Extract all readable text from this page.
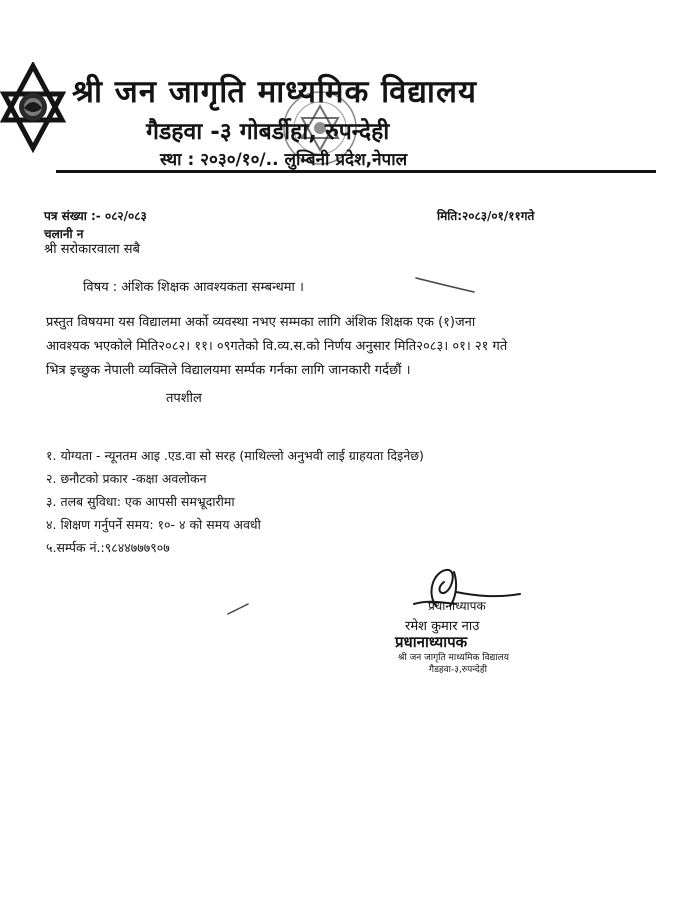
श्री जन जागृति माध्यमिक विद्यालय
गैडहवा -३ गोबर्डीहा, रुपन्देही
स्था : २०३०/१०/.. लुम्बिनी प्रदेश,नेपाल
पत्र संख्या :- ०८२/०८३
चलानी न
मिति:२०८३/०१/११गते
श्री सरोकारवाला सबै
विषय : अंशिक शिक्षक आवश्यकता सम्बन्धमा ।
प्रस्तुत विषयमा यस विद्यालमा अर्को व्यवस्था नभए सम्मका लागि अंशिक शिक्षक एक (१)जना
आवश्यक भएकोले मिति२०८२। ११। ०९गतेको वि.व्य.स.को निर्णय अनुसार मिति२०८३। ०१। २१ गते
भित्र इच्छुक नेपाली व्यक्तिले विद्यालयमा सर्म्पक गर्नका लागि जानकारी गर्दछौं ।
तपशील
१. योग्यता - न्यूनतम आइ .एड.वा सो सरह (माथिल्लो अनुभवी लाई ग्राहयता दिइनेछ)
२. छनौटको प्रकार -कक्षा अवलोकन
३. तलब सुविधा: एक आपसी समभ्रूदारीमा
४. शिक्षण गर्नुपर्ने समय: १०- ४ को समय अवधी
५.सर्म्पक नं.:९८४४७७७९०७
प्रधानाध्यापक
रमेश कुमार नाउ
प्रधानाध्यापक
श्री जन जागृति माध्यमिक विद्यालय
गैडहवा-३,रुपन्देही
